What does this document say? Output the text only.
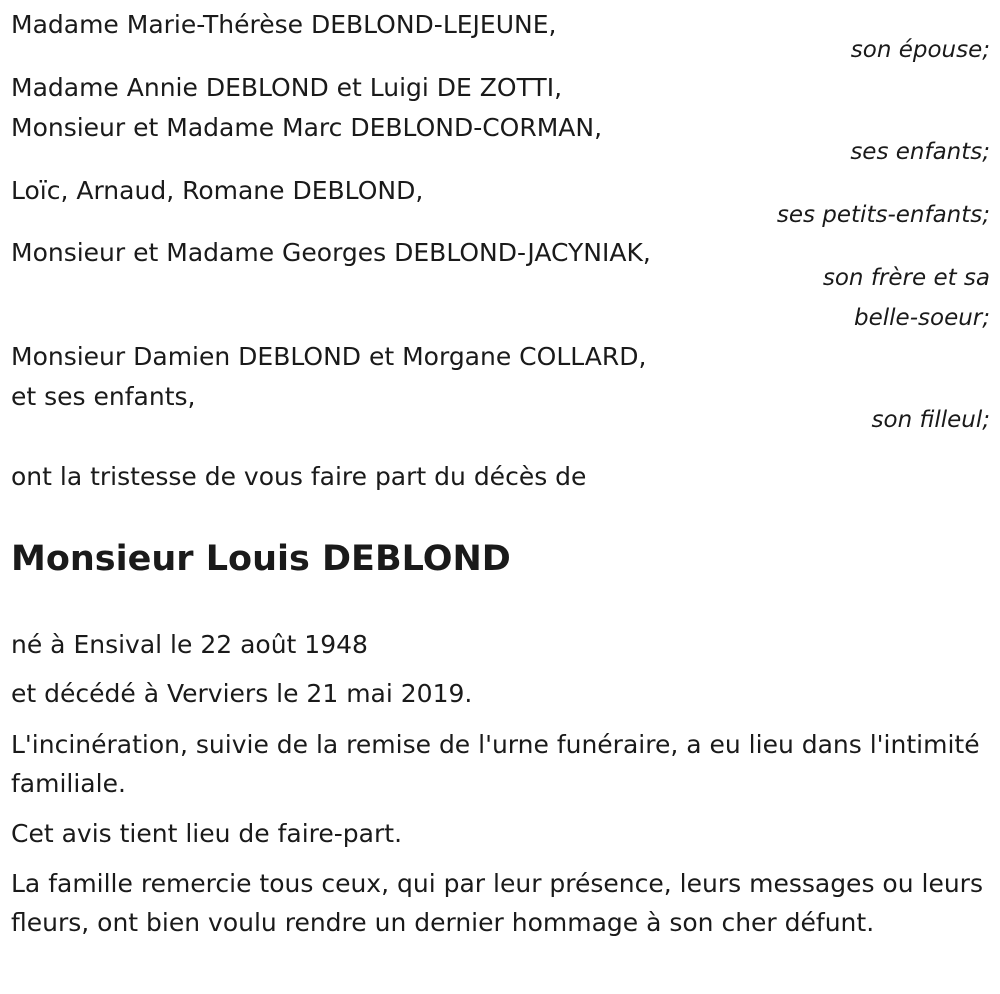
Madame Marie-Thérèse DEBLOND-LEJEUNE,
son épouse;
Madame Annie DEBLOND et Luigi DE ZOTTI,
Monsieur et Madame Marc DEBLOND-CORMAN,
ses enfants;
Loïc, Arnaud, Romane DEBLOND,
ses petits-enfants;
Monsieur et Madame Georges DEBLOND-JACYNIAK,
son frère et sa
belle-soeur;
Monsieur Damien DEBLOND et Morgane COLLARD,
et ses enfants,
son filleul;
ont la tristesse de vous faire part du décès de
Monsieur Louis DEBLOND
né à Ensival le 22 août 1948
et décédé à Verviers le 21 mai 2019.
L'incinération, suivie de la remise de l'urne funéraire, a eu lieu dans l'intimité familiale.
Cet avis tient lieu de faire-part.
La famille remercie tous ceux, qui par leur présence, leurs messages ou leurs fleurs, ont bien voulu rendre un dernier hommage à son cher défunt.
